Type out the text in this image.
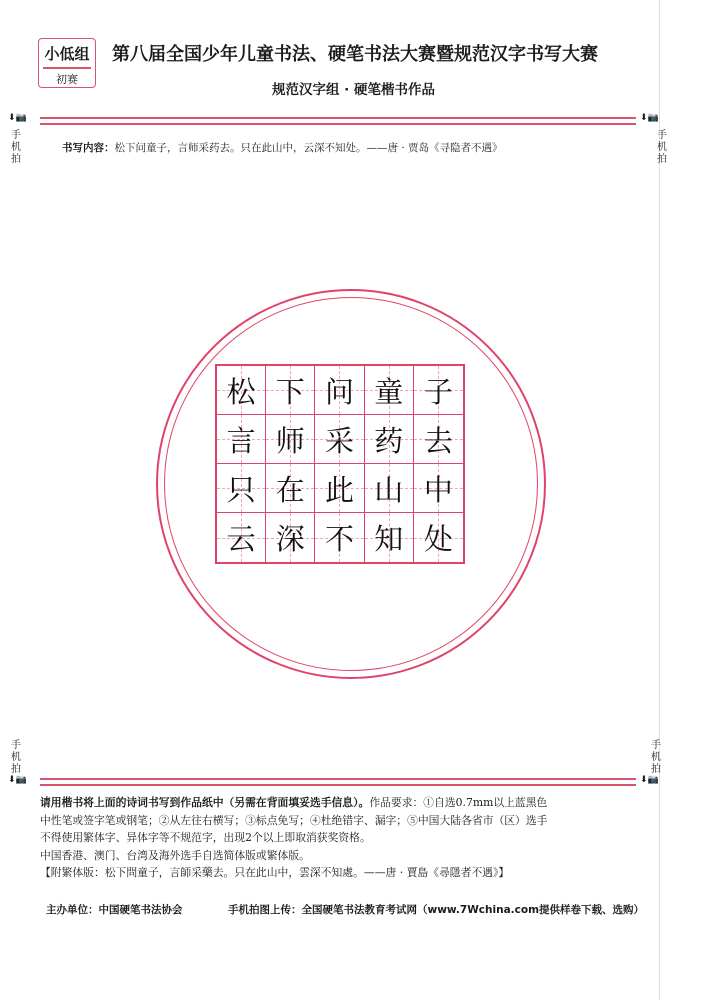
小低组
初赛
第八届全国少年儿童书法、硬笔书法大赛暨规范汉字书写大赛
规范汉字组 · 硬笔楷书作品
⬇📷
手
机
拍
⬇📷
手
机
拍
书写内容：松下问童子，言师采药去。只在此山中，云深不知处。——唐 · 贾岛《寻隐者不遇》
松 下 问 童 子
言 师 采 药 去
只 在 此 山 中
云 深 不 知 处
手
机
拍
⬇📷
手
机
拍
⬇📷

请用楷书将上面的诗词书写到作品纸中（另需在背面填妥选手信息）。作品要求：①自选0.7mm以上蓝黑色

中性笔或签字笔或钢笔；②从左往右横写；③标点免写；④杜绝错字、漏字；⑤中国大陆各省市（区）选手

不得使用繁体字、异体字等不规范字，出现2个以上即取消获奖资格。

中国香港、澳门、台湾及海外选手自选简体版或繁体版。

【附繁体版：松下問童子，言師采藥去。只在此山中，雲深不知處。——唐 · 賈島《尋隱者不遇》】

主办单位：中国硬笔书法协会	手机拍图上传：全国硬笔书法教育考试网（www.7Wchina.com提供样卷下载、选购）
